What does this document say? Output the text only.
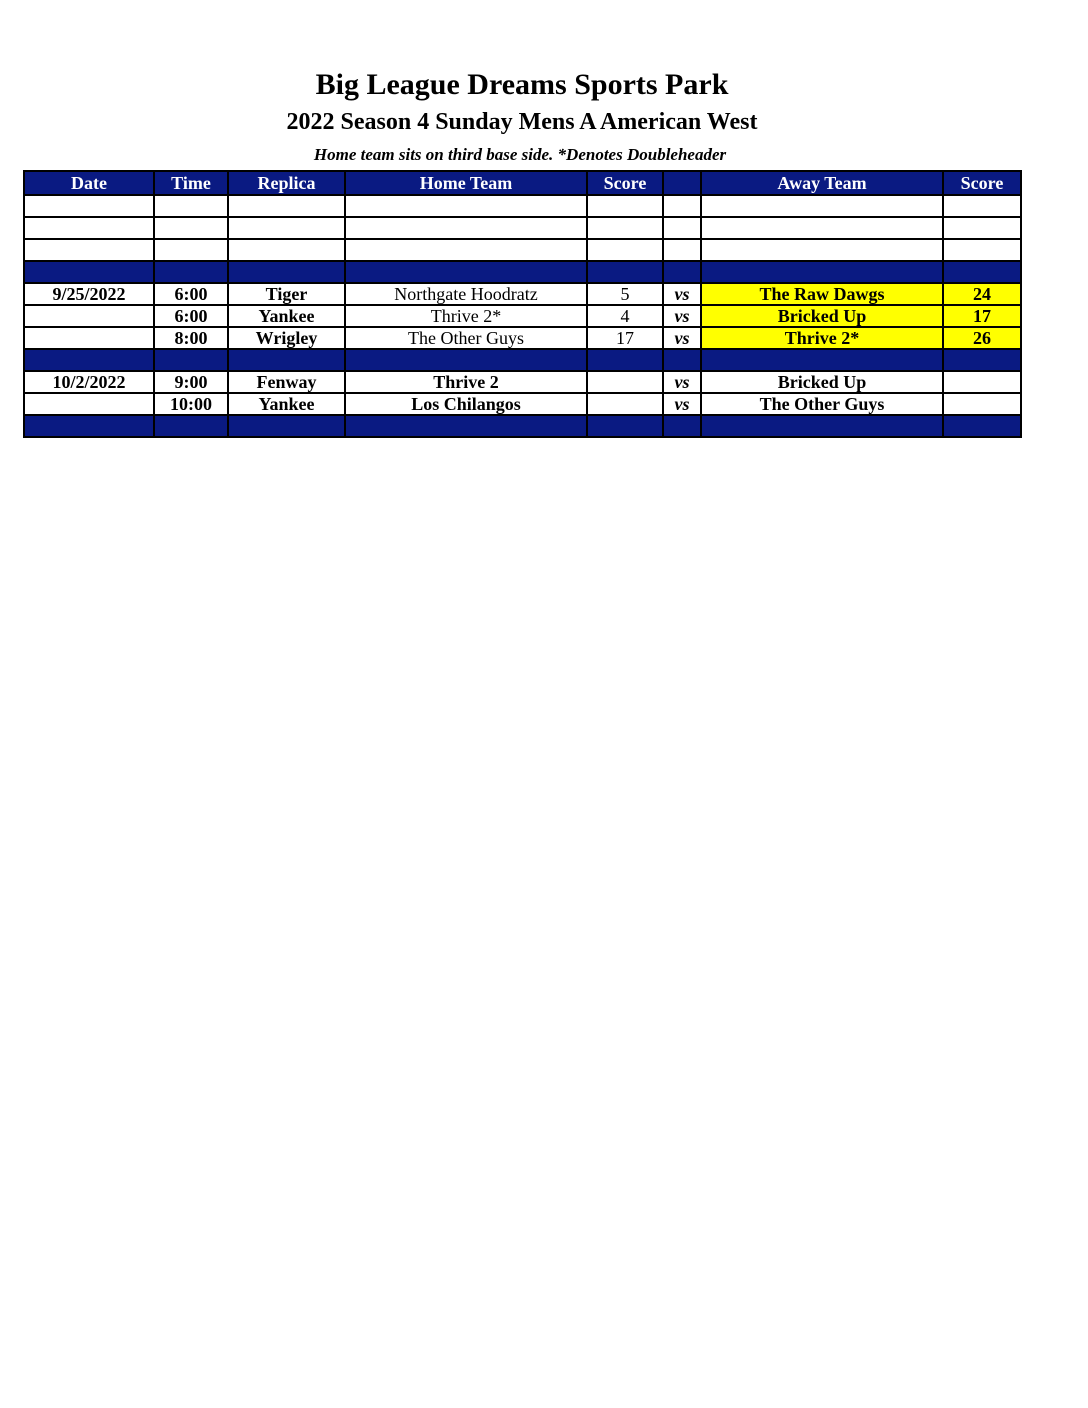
Big League Dreams Sports Park
2022 Season 4 Sunday Mens A American West
Home team sits on third base side. *Denotes Doubleheader
Date	Time	Replica	Home Team	Score		Away Team	Score

9/25/2022	6:00	Tiger	Northgate Hoodratz	5	vs	The Raw Dawgs	24
	6:00	Yankee	Thrive 2*	4	vs	Bricked Up	17
	8:00	Wrigley	The Other Guys	17	vs	Thrive 2*	26

10/2/2022	9:00	Fenway	Thrive 2		vs	Bricked Up	
	10:00	Yankee	Los Chilangos		vs	The Other Guys	
